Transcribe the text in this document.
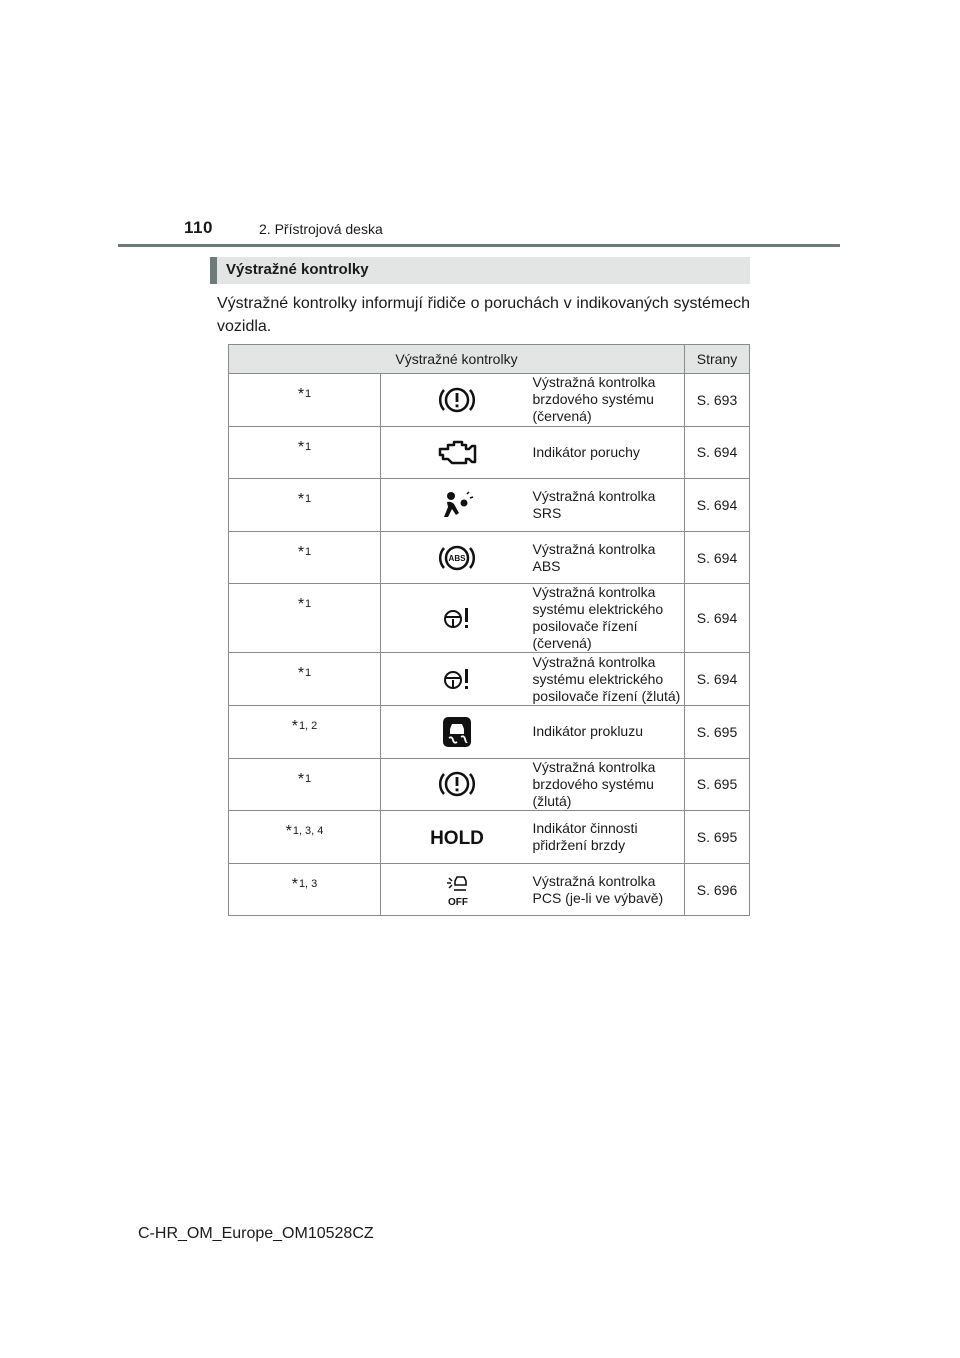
110	2. Přístrojová deska
Výstražné kontrolky
Výstražné kontrolky informují řidiče o poruchách v indikovaných systémech vozidla.
Výstražné kontrolky			Strany
*1		Výstražná kontrolka brzdového systému (červená)	S. 693
*1		Indikátor poruchy	S. 694
*1		Výstražná kontrolka SRS	S. 694
*1	ABS	Výstražná kontrolka ABS	S. 694
*1		Výstražná kontrolka systému elektrického posilovače řízení (červená)	S. 694
*1		Výstražná kontrolka systému elektrického posilovače řízení (žlutá)	S. 694
*1, 2		Indikátor prokluzu	S. 695
*1		Výstražná kontrolka brzdového systému (žlutá)	S. 695
*1, 3, 4	HOLD	Indikátor činnosti přidržení brzdy	S. 695
*1, 3	OFF	Výstražná kontrolka PCS (je-li ve výbavě)	S. 696
C-HR_OM_Europe_OM10528CZ
